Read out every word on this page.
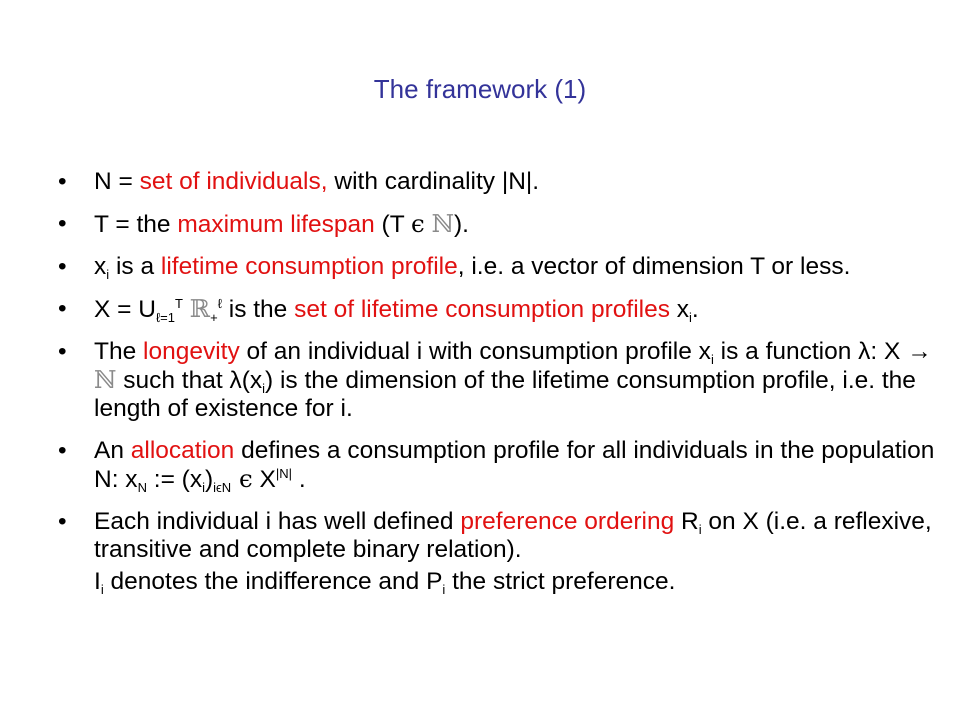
The framework (1)
•	N = set of individuals, with cardinality |N|.
•	T = the maximum lifespan (T ϵ ℕ).
•	$x_i$ is a lifetime consumption profile, i.e. a vector of dimension T or less.
•	$X = U_{\ell=1}^T$ ℝ$_+^\ell$ is the set of lifetime consumption profiles $x_i$.
•	The longevity of an individual i with consumption profile $x_i$ is a function λ: X → ℕ such that $\lambda(x_i)$ is the dimension of the lifetime consumption profile, i.e. the length of existence for i.
•	An allocation defines a consumption profile for all individuals in the population N: $x_N$ := $(x_i)_{i\epsilon N}$ ϵ $X^{|N|}$ .
•	Each individual i has well defined preference ordering $R_i$ on X (i.e. a reflexive, transitive and complete binary relation).
$I_i$ denotes the indifference and $P_i$ the strict preference.
